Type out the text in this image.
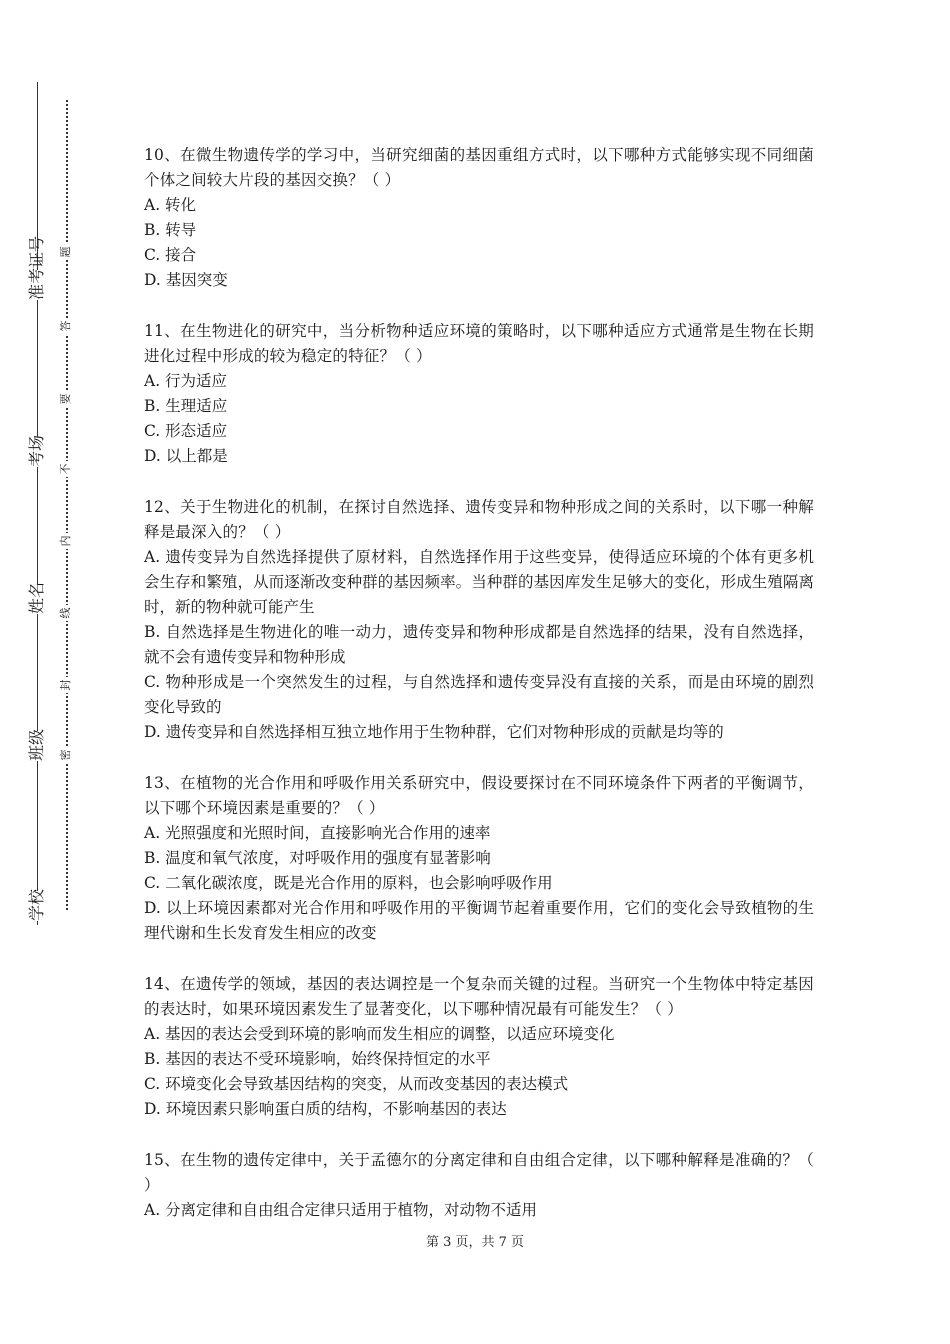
准考证号
考场
姓名
班级
学校
题
答
要
不
内
线
封
密

10、在微生物遗传学的学习中，当研究细菌的基因重组方式时，以下哪种方式能够实现不同细菌个体之间较大片段的基因交换？（ ）

A. 转化

B. 转导

C. 接合

D. 基因突变

11、在生物进化的研究中，当分析物种适应环境的策略时，以下哪种适应方式通常是生物在长期进化过程中形成的较为稳定的特征？（ ）

A. 行为适应

B. 生理适应

C. 形态适应

D. 以上都是

12、关于生物进化的机制，在探讨自然选择、遗传变异和物种形成之间的关系时，以下哪一种解释是最深入的？（ ）

A. 遗传变异为自然选择提供了原材料，自然选择作用于这些变异，使得适应环境的个体有更多机会生存和繁殖，从而逐渐改变种群的基因频率。当种群的基因库发生足够大的变化，形成生殖隔离时，新的物种就可能产生

B. 自然选择是生物进化的唯一动力，遗传变异和物种形成都是自然选择的结果，没有自然选择，就不会有遗传变异和物种形成

C. 物种形成是一个突然发生的过程，与自然选择和遗传变异没有直接的关系，而是由环境的剧烈变化导致的

D. 遗传变异和自然选择相互独立地作用于生物种群，它们对物种形成的贡献是均等的

13、在植物的光合作用和呼吸作用关系研究中，假设要探讨在不同环境条件下两者的平衡调节，以下哪个环境因素是重要的？（ ）

A. 光照强度和光照时间，直接影响光合作用的速率

B. 温度和氧气浓度，对呼吸作用的强度有显著影响

C. 二氧化碳浓度，既是光合作用的原料，也会影响呼吸作用

D. 以上环境因素都对光合作用和呼吸作用的平衡调节起着重要作用，它们的变化会导致植物的生理代谢和生长发育发生相应的改变

14、在遗传学的领域，基因的表达调控是一个复杂而关键的过程。当研究一个生物体中特定基因的表达时，如果环境因素发生了显著变化，以下哪种情况最有可能发生？（ ）

A. 基因的表达会受到环境的影响而发生相应的调整，以适应环境变化

B. 基因的表达不受环境影响，始终保持恒定的水平

C. 环境变化会导致基因结构的突变，从而改变基因的表达模式

D. 环境因素只影响蛋白质的结构，不影响基因的表达

15、在生物的遗传定律中，关于孟德尔的分离定律和自由组合定律，以下哪种解释是准确的？（ ）

A. 分离定律和自由组合定律只适用于植物，对动物不适用

第 3 页，共 7 页
